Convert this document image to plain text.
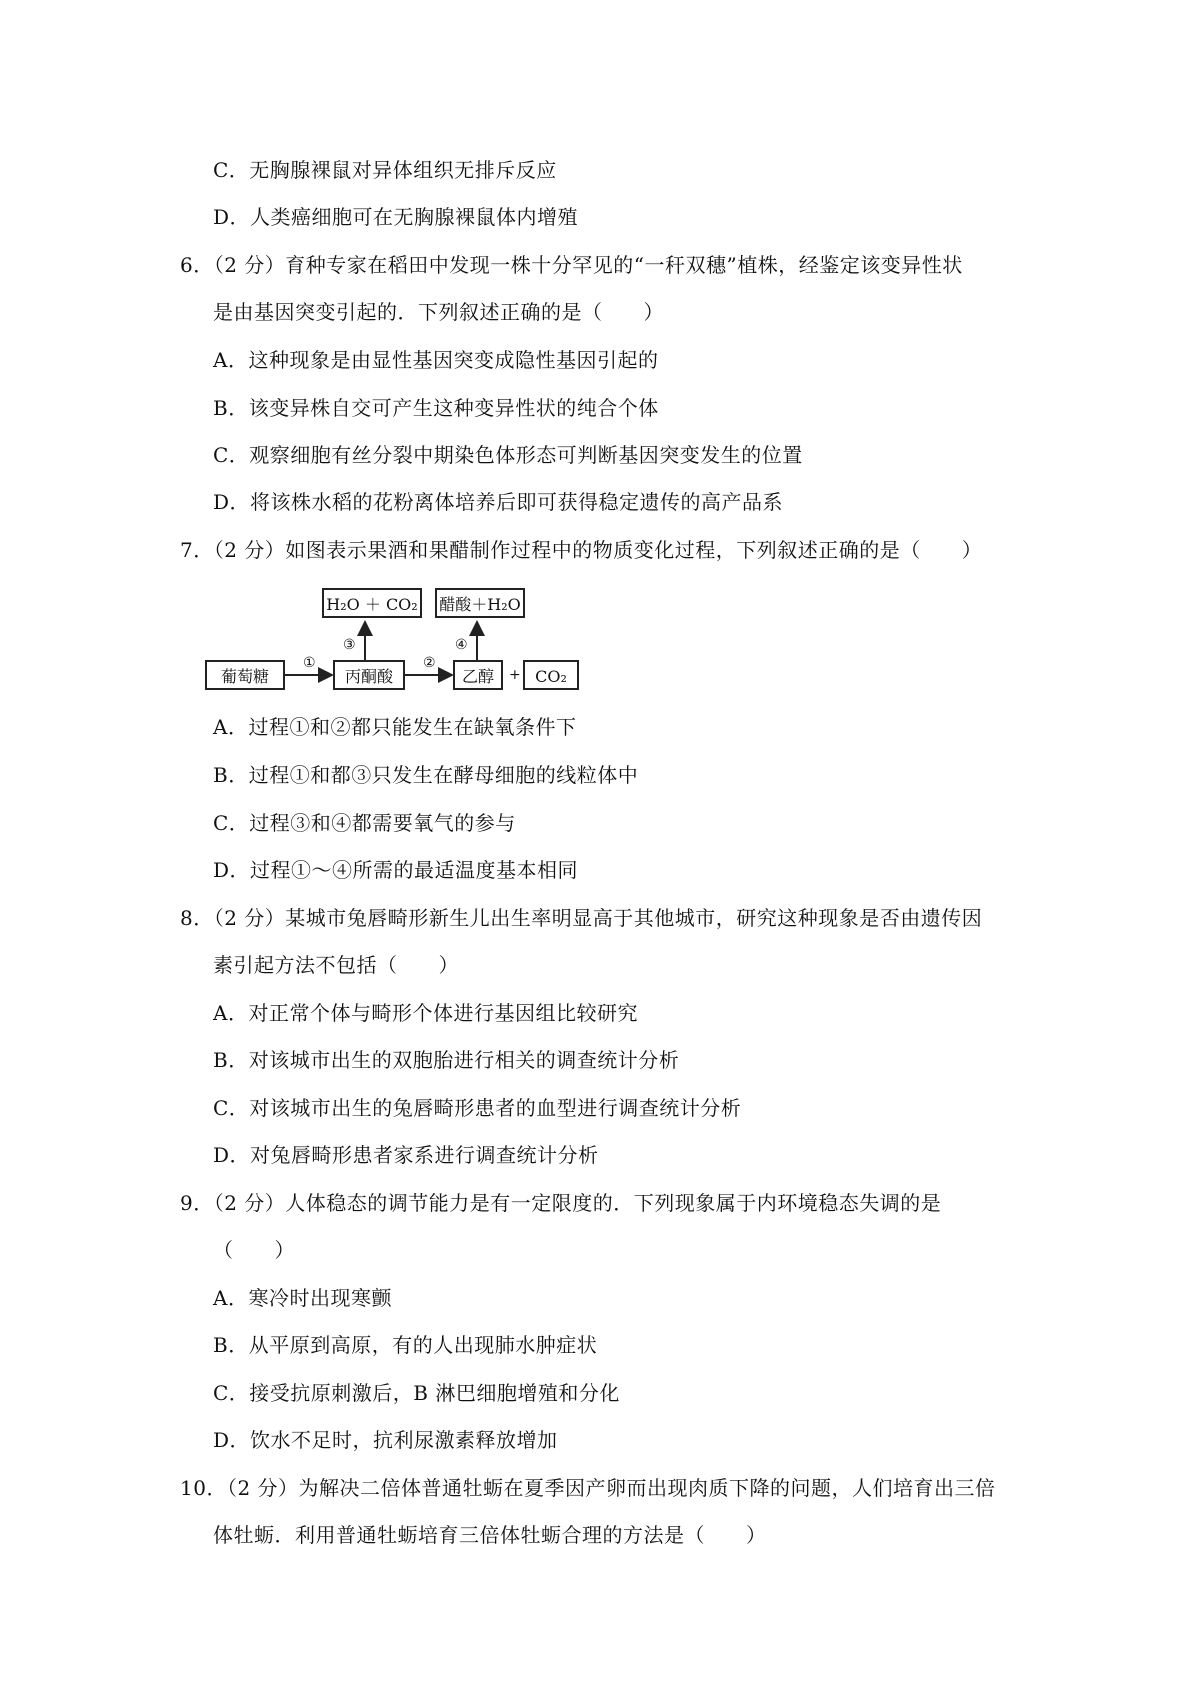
C．无胸腺裸鼠对异体组织无排斥反应
D．人类癌细胞可在无胸腺裸鼠体内增殖
6．（2 分）育种专家在稻田中发现一株十分罕见的“一秆双穗”植株，经鉴定该变异性状
是由基因突变引起的．下列叙述正确的是（　　）
A．这种现象是由显性基因突变成隐性基因引起的
B．该变异株自交可产生这种变异性状的纯合个体
C．观察细胞有丝分裂中期染色体形态可判断基因突变发生的位置
D．将该株水稻的花粉离体培养后即可获得稳定遗传的高产品系
7．（2 分）如图表示果酒和果醋制作过程中的物质变化过程，下列叙述正确的是（　　）
葡萄糖	丙酮酸	乙醇	CO₂
H₂O ＋ CO₂ 醋酸＋H₂O
①	②
③	④
+
A．过程①和②都只能发生在缺氧条件下
B．过程①和都③只发生在酵母细胞的线粒体中
C．过程③和④都需要氧气的参与
D．过程①～④所需的最适温度基本相同
8．（2 分）某城市兔唇畸形新生儿出生率明显高于其他城市，研究这种现象是否由遗传因
素引起方法不包括（　　）
A．对正常个体与畸形个体进行基因组比较研究
B．对该城市出生的双胞胎进行相关的调查统计分析
C．对该城市出生的兔唇畸形患者的血型进行调查统计分析
D．对兔唇畸形患者家系进行调查统计分析
9．（2 分）人体稳态的调节能力是有一定限度的．下列现象属于内环境稳态失调的是
（　　）
A．寒冷时出现寒颤
B．从平原到高原，有的人出现肺水肿症状
C．接受抗原刺激后，B 淋巴细胞增殖和分化
D．饮水不足时，抗利尿激素释放增加
10．（2 分）为解决二倍体普通牡蛎在夏季因产卵而出现肉质下降的问题，人们培育出三倍
体牡蛎．利用普通牡蛎培育三倍体牡蛎合理的方法是（　　）
